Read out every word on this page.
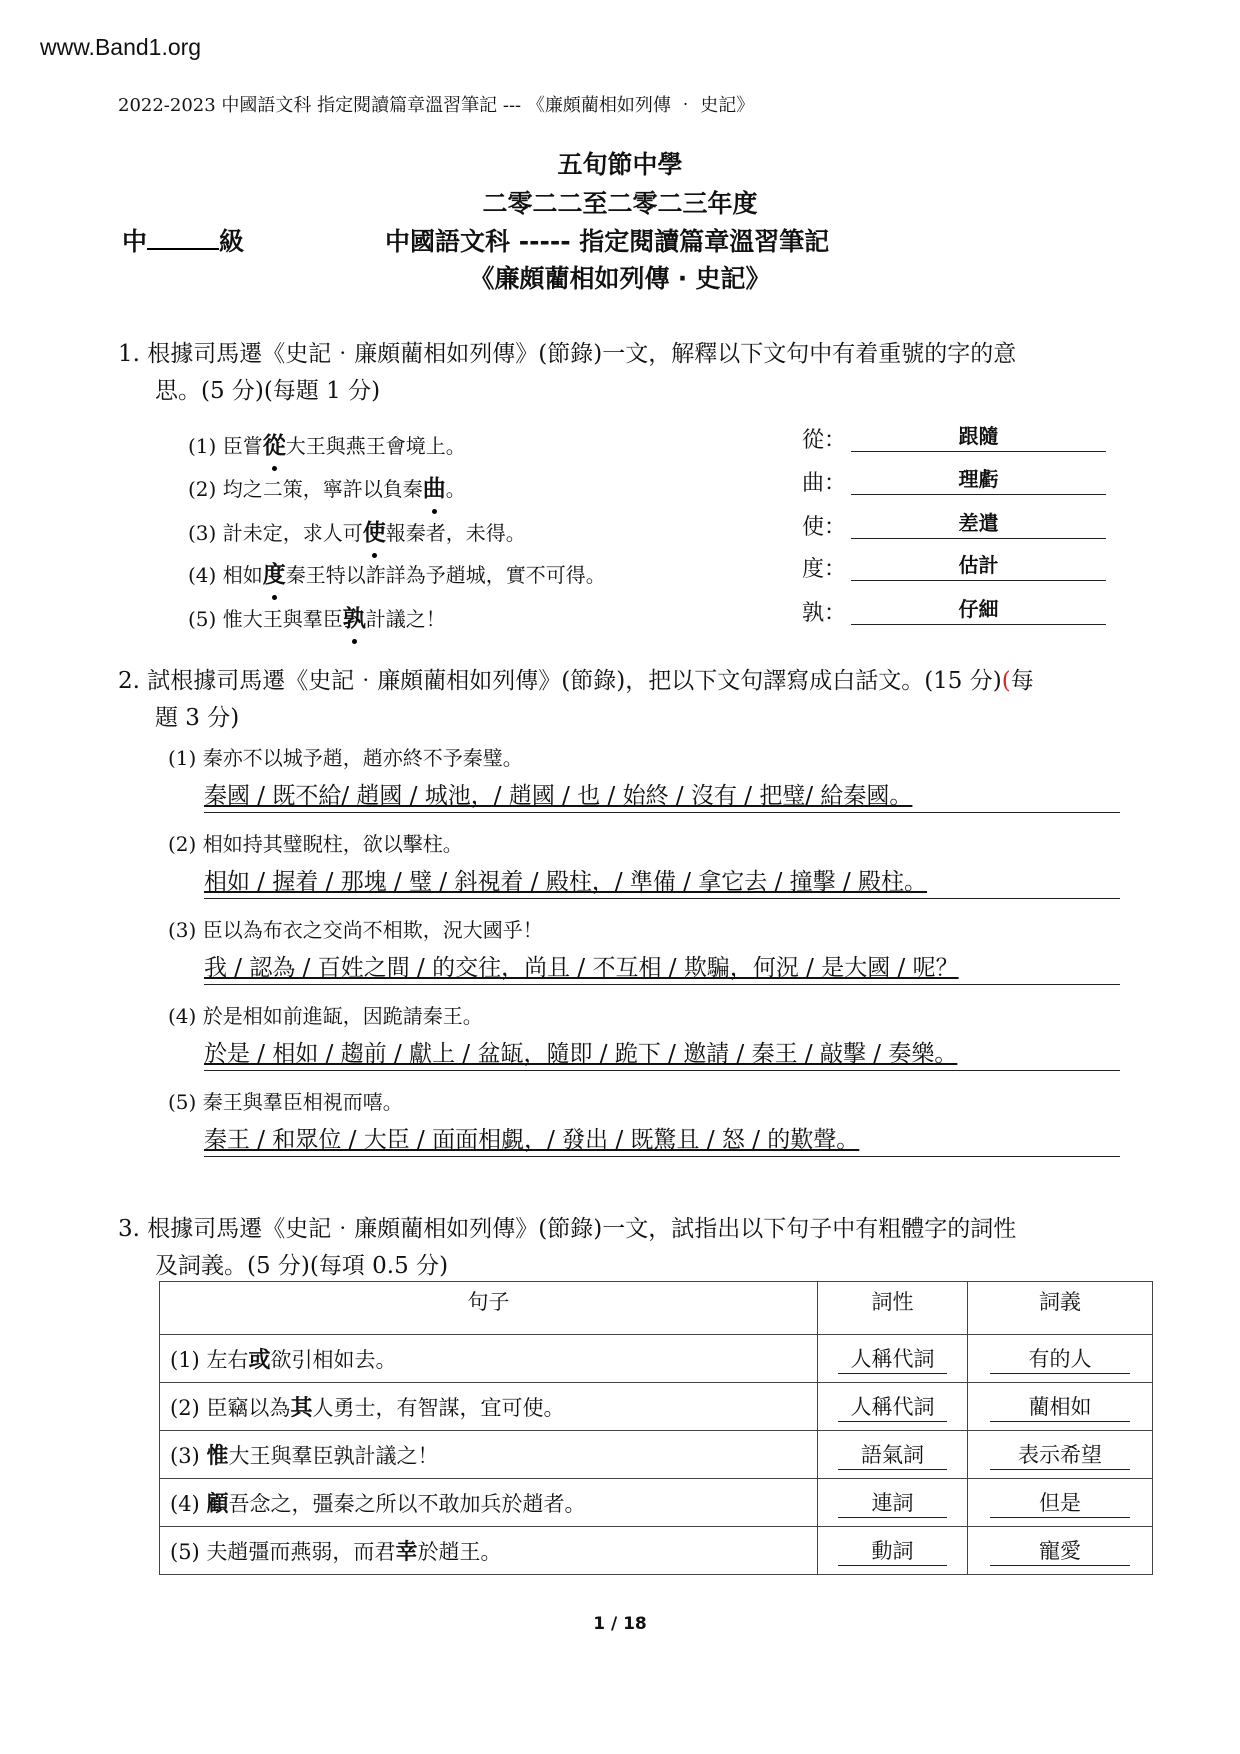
www.Band1.org
2022-2023 中國語文科 指定閱讀篇章溫習筆記 --- 《廉頗藺相如列傳 ‧ 史記》
五旬節中學
二零二二至二零二三年度
中	級	中國語文科 ----- 指定閱讀篇章溫習筆記
《廉頗藺相如列傳 ‧ 史記》
1. 根據司馬遷《史記‧廉頗藺相如列傳》(節錄)一文，解釋以下文句中有着重號的字的意
思。(5 分)(每題 1 分)
(1) 臣嘗從大王與燕王會境上。	從：	跟隨
(2) 均之二策，寧許以負秦曲。	曲：	理虧
(3) 計未定，求人可使報秦者，未得。	使：	差遣
(4) 相如度秦王特以詐詳為予趙城，實不可得。	度：	估計
(5) 惟大王與羣臣孰計議之！	孰：	仔細
2. 試根據司馬遷《史記‧廉頗藺相如列傳》(節錄)，把以下文句譯寫成白話文。(15 分)(每
題 3 分)
(1) 秦亦不以城予趙，趙亦終不予秦璧。
秦國 / 既不給/ 趙國 / 城池，/ 趙國 / 也 / 始終 / 沒有 / 把璧/ 給秦國。
(2) 相如持其璧睨柱，欲以擊柱。
相如 / 握着 / 那塊 / 璧 / 斜視着 / 殿柱，/ 準備 / 拿它去 / 撞擊 / 殿柱。
(3) 臣以為布衣之交尚不相欺，況大國乎！
我 / 認為 / 百姓之間 / 的交往，尚且 / 不互相 / 欺騙，何況 / 是大國 / 呢？
(4) 於是相如前進缻，因跪請秦王。
於是 / 相如 / 趨前 / 獻上 / 盆缻，隨即 / 跪下 / 邀請 / 秦王 / 敲擊 / 奏樂。
(5) 秦王與羣臣相視而嘻。
秦王 / 和眾位 / 大臣 / 面面相覷，/ 發出 / 既驚且 / 怒 / 的歎聲。
3. 根據司馬遷《史記‧廉頗藺相如列傳》(節錄)一文，試指出以下句子中有粗體字的詞性
及詞義。(5 分)(每項 0.5 分)
句子	詞性	詞義
(1) 左右或欲引相如去。	人稱代詞	有的人
(2) 臣竊以為其人勇士，有智謀，宜可使。	人稱代詞	藺相如
(3) 惟大王與羣臣孰計議之！	語氣詞	表示希望
(4) 顧吾念之，彊秦之所以不敢加兵於趙者。	連詞	但是
(5) 夫趙彊而燕弱，而君幸於趙王。	動詞	寵愛
1 / 18
